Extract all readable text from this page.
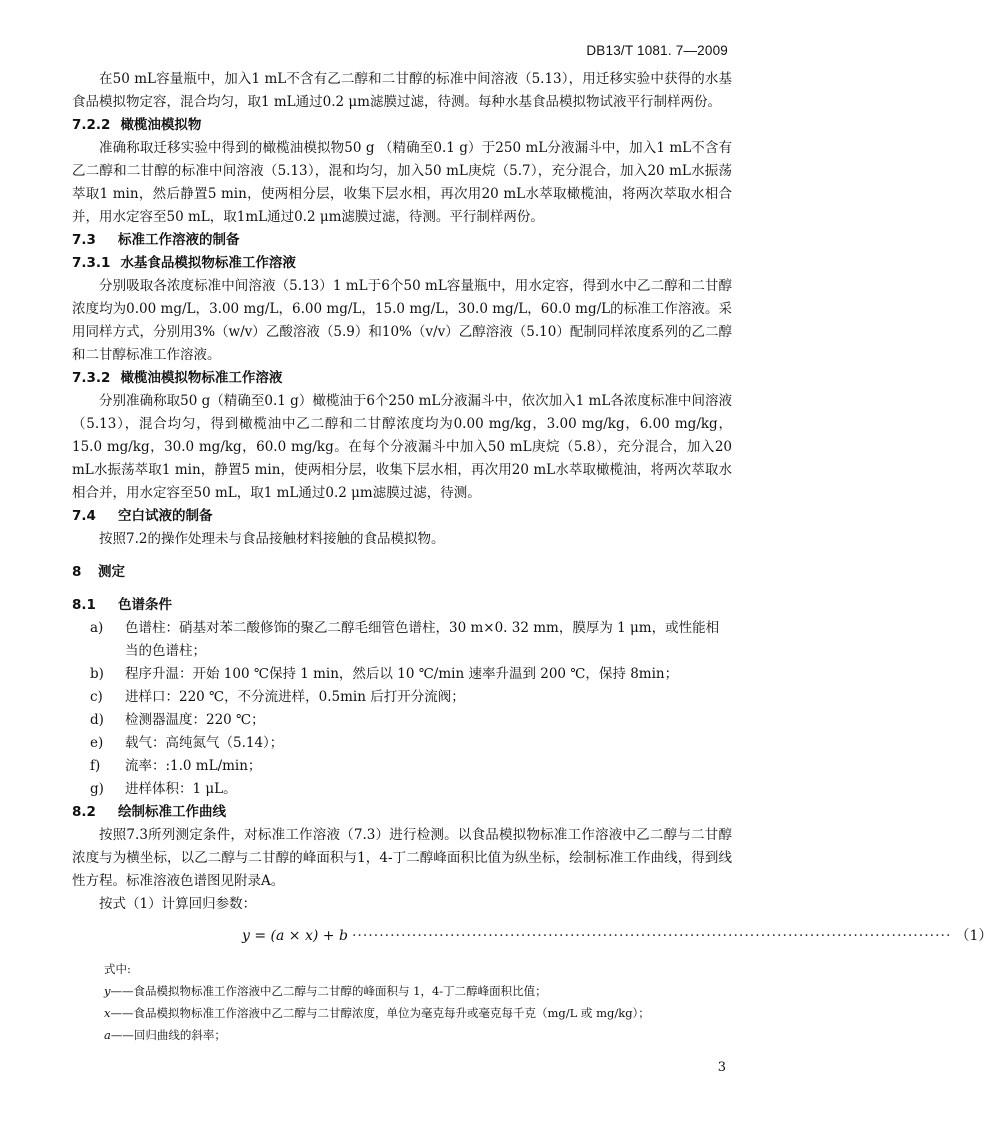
DB13/T 1081. 7—2009

在50 mL容量瓶中，加入1 mL不含有乙二醇和二甘醇的标准中间溶液（5.13），用迁移实验中获得的水基食品模拟物定容，混合均匀，取1 mL通过0.2 μm滤膜过滤，待测。每种水基食品模拟物试液平行制样两份。

7.2.2 橄榄油模拟物

准确称取迁移实验中得到的橄榄油模拟物50 g （精确至0.1 g）于250 mL分液漏斗中，加入1 mL不含有乙二醇和二甘醇的标准中间溶液（5.13），混和均匀，加入50 mL庚烷（5.7），充分混合，加入20 mL水振荡萃取1 min，然后静置5 min，使两相分层，收集下层水相，再次用20 mL水萃取橄榄油，将两次萃取水相合并，用水定容至50 mL，取1mL通过0.2 μm滤膜过滤，待测。平行制样两份。

7.3 标准工作溶液的制备
7.3.1 水基食品模拟物标准工作溶液

分别吸取各浓度标准中间溶液（5.13）1 mL于6个50 mL容量瓶中，用水定容，得到水中乙二醇和二甘醇浓度均为0.00 mg/L，3.00 mg/L，6.00 mg/L，15.0 mg/L，30.0 mg/L，60.0 mg/L的标准工作溶液。采用同样方式，分别用3%（w/v）乙酸溶液（5.9）和10%（v/v）乙醇溶液（5.10）配制同样浓度系列的乙二醇和二甘醇标准工作溶液。

7.3.2 橄榄油模拟物标准工作溶液

分别准确称取50 g（精确至0.1 g）橄榄油于6个250 mL分液漏斗中，依次加入1 mL各浓度标准中间溶液（5.13），混合均匀，得到橄榄油中乙二醇和二甘醇浓度均为0.00 mg/kg，3.00 mg/kg，6.00 mg/kg，15.0 mg/kg，30.0 mg/kg，60.0 mg/kg。在每个分液漏斗中加入50 mL庚烷（5.8），充分混合，加入20 mL水振荡萃取1 min，静置5 min，使两相分层，收集下层水相，再次用20 mL水萃取橄榄油，将两次萃取水相合并，用水定容至50 mL，取1 mL通过0.2 μm滤膜过滤，待测。

7.4 空白试液的制备

按照7.2的操作处理未与食品接触材料接触的食品模拟物。

8 测定
8.1 色谱条件
a)	色谱柱：硝基对苯二酸修饰的聚乙二醇毛细管色谱柱，30 m×0. 32 mm，膜厚为 1 μm，或性能相当的色谱柱；
b)	程序升温：开始 100 ℃保持 1 min，然后以 10 ℃/min 速率升温到 200 ℃，保持 8min；
c)	进样口：220 ℃，不分流进样，0.5min 后打开分流阀；
d)	检测器温度：220 ℃；
e)	载气：高纯氮气（5.14）；
f)	流率：:1.0 mL/min；
g)	进样体积：1 μL。
8.2 绘制标准工作曲线

按照7.3所列测定条件，对标准工作溶液（7.3）进行检测。以食品模拟物标准工作溶液中乙二醇与二甘醇浓度与为横坐标，以乙二醇与二甘醇的峰面积与1，4-丁二醇峰面积比值为纵坐标，绘制标准工作曲线，得到线性方程。标准溶液色谱图见附录A。

按式（1）计算回归参数：

y = (a × x) + b ·············································································································· （1）
式中:
y——食品模拟物标准工作溶液中乙二醇与二甘醇的峰面积与 1，4-丁二醇峰面积比值；
x——食品模拟物标准工作溶液中乙二醇与二甘醇浓度，单位为毫克每升或毫克每千克（mg/L 或 mg/kg）；
a——回归曲线的斜率；
3
